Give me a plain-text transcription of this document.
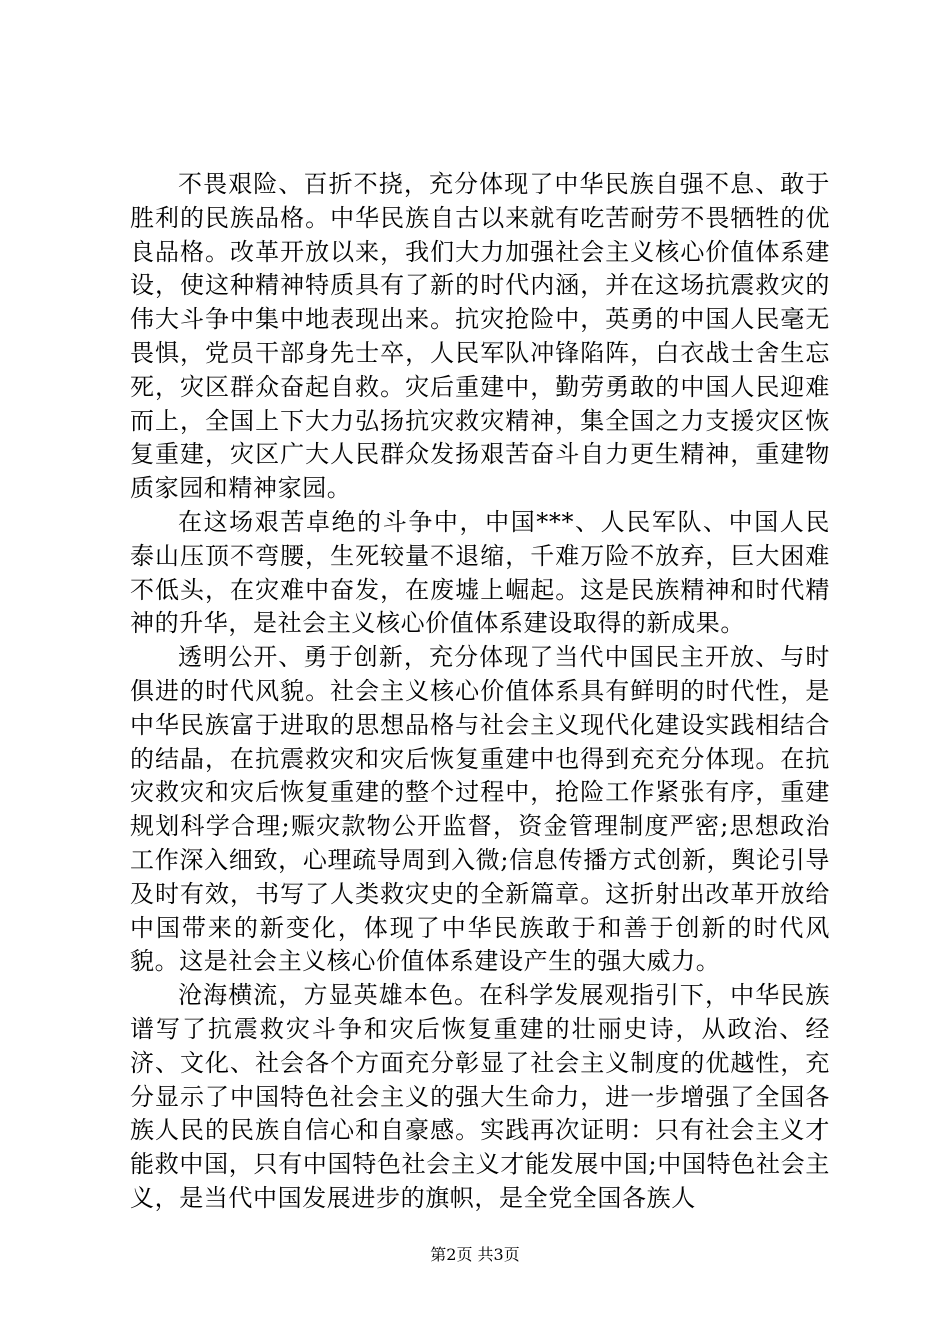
不畏艰险、百折不挠，充分体现了中华民族自强不息、敢于胜利的民族品格。中华民族自古以来就有吃苦耐劳不畏牺牲的优良品格。改革开放以来，我们大力加强社会主义核心价值体系建设，使这种精神特质具有了新的时代内涵，并在这场抗震救灾的伟大斗争中集中地表现出来。抗灾抢险中，英勇的中国人民毫无畏惧，党员干部身先士卒，人民军队冲锋陷阵，白衣战士舍生忘死，灾区群众奋起自救。灾后重建中，勤劳勇敢的中国人民迎难而上，全国上下大力弘扬抗灾救灾精神，集全国之力支援灾区恢复重建，灾区广大人民群众发扬艰苦奋斗自力更生精神，重建物质家园和精神家园。

在这场艰苦卓绝的斗争中，中国***、人民军队、中国人民泰山压顶不弯腰，生死较量不退缩，千难万险不放弃，巨大困难不低头，在灾难中奋发，在废墟上崛起。这是民族精神和时代精神的升华，是社会主义核心价值体系建设取得的新成果。

透明公开、勇于创新，充分体现了当代中国民主开放、与时俱进的时代风貌。社会主义核心价值体系具有鲜明的时代性，是中华民族富于进取的思想品格与社会主义现代化建设实践相结合的结晶，在抗震救灾和灾后恢复重建中也得到充充分体现。在抗灾救灾和灾后恢复重建的整个过程中，抢险工作紧张有序，重建规划科学合理;赈灾款物公开监督，资金管理制度严密;思想政治工作深入细致，心理疏导周到入微;信息传播方式创新，舆论引导及时有效，书写了人类救灾史的全新篇章。这折射出改革开放给中国带来的新变化，体现了中华民族敢于和善于创新的时代风貌。这是社会主义核心价值体系建设产生的强大威力。

沧海横流，方显英雄本色。在科学发展观指引下，中华民族谱写了抗震救灾斗争和灾后恢复重建的壮丽史诗，从政治、经济、文化、社会各个方面充分彰显了社会主义制度的优越性，充分显示了中国特色社会主义的强大生命力，进一步增强了全国各族人民的民族自信心和自豪感。实践再次证明：只有社会主义才能救中国，只有中国特色社会主义才能发展中国;中国特色社会主义，是当代中国发展进步的旗帜，是全党全国各族人

第2页 共3页
